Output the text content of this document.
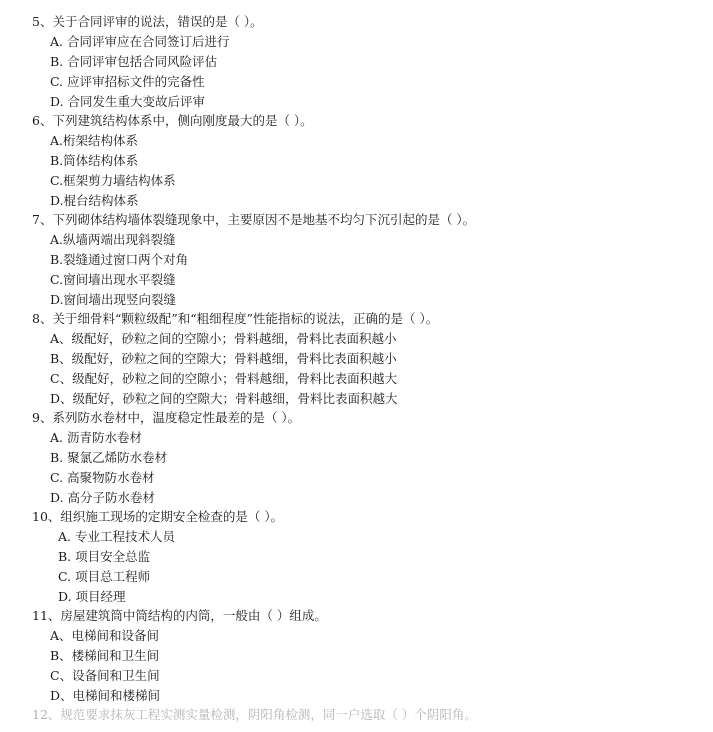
5、关于合同评审的说法，错误的是（ ）。
A. 合同评审应在合同签订后进行
B. 合同评审包括合同风险评估
C. 应评审招标文件的完备性
D. 合同发生重大变故后评审
6、下列建筑结构体系中，侧向刚度最大的是（ ）。
A.桁架结构体系
B.筒体结构体系
C.框架剪力墙结构体系
D.棍台结构体系
7、下列砌体结构墙体裂缝现象中，主要原因不是地基不均匀下沉引起的是（ ）。
A.纵墙两端出现斜裂缝
B.裂缝通过窗口两个对角
C.窗间墙出现水平裂缝
D.窗间墙出现竖向裂缝
8、关于细骨料“颗粒级配”和“粗细程度”性能指标的说法，正确的是（ ）。
A、级配好，砂粒之间的空隙小；骨料越细，骨料比表面积越小
B、级配好，砂粒之间的空隙大；骨料越细，骨料比表面积越小
C、级配好，砂粒之间的空隙小；骨料越细，骨料比表面积越大
D、级配好，砂粒之间的空隙大；骨料越细，骨料比表面积越大
9、系列防水卷材中，温度稳定性最差的是（ ）。
A. 沥青防水卷材
B. 聚氯乙烯防水卷材
C. 高聚物防水卷材
D. 高分子防水卷材
10、组织施工现场的定期安全检查的是（ ）。
A. 专业工程技术人员
B. 项目安全总监
C. 项目总工程师
D. 项目经理
11、房屋建筑筒中筒结构的内筒，一般由（ ）组成。
A、电梯间和设备间
B、楼梯间和卫生间
C、设备间和卫生间
D、电梯间和楼梯间
12、规范要求抹灰工程实测实量检测，阴阳角检测，同一户选取（ ）个阴阳角。
